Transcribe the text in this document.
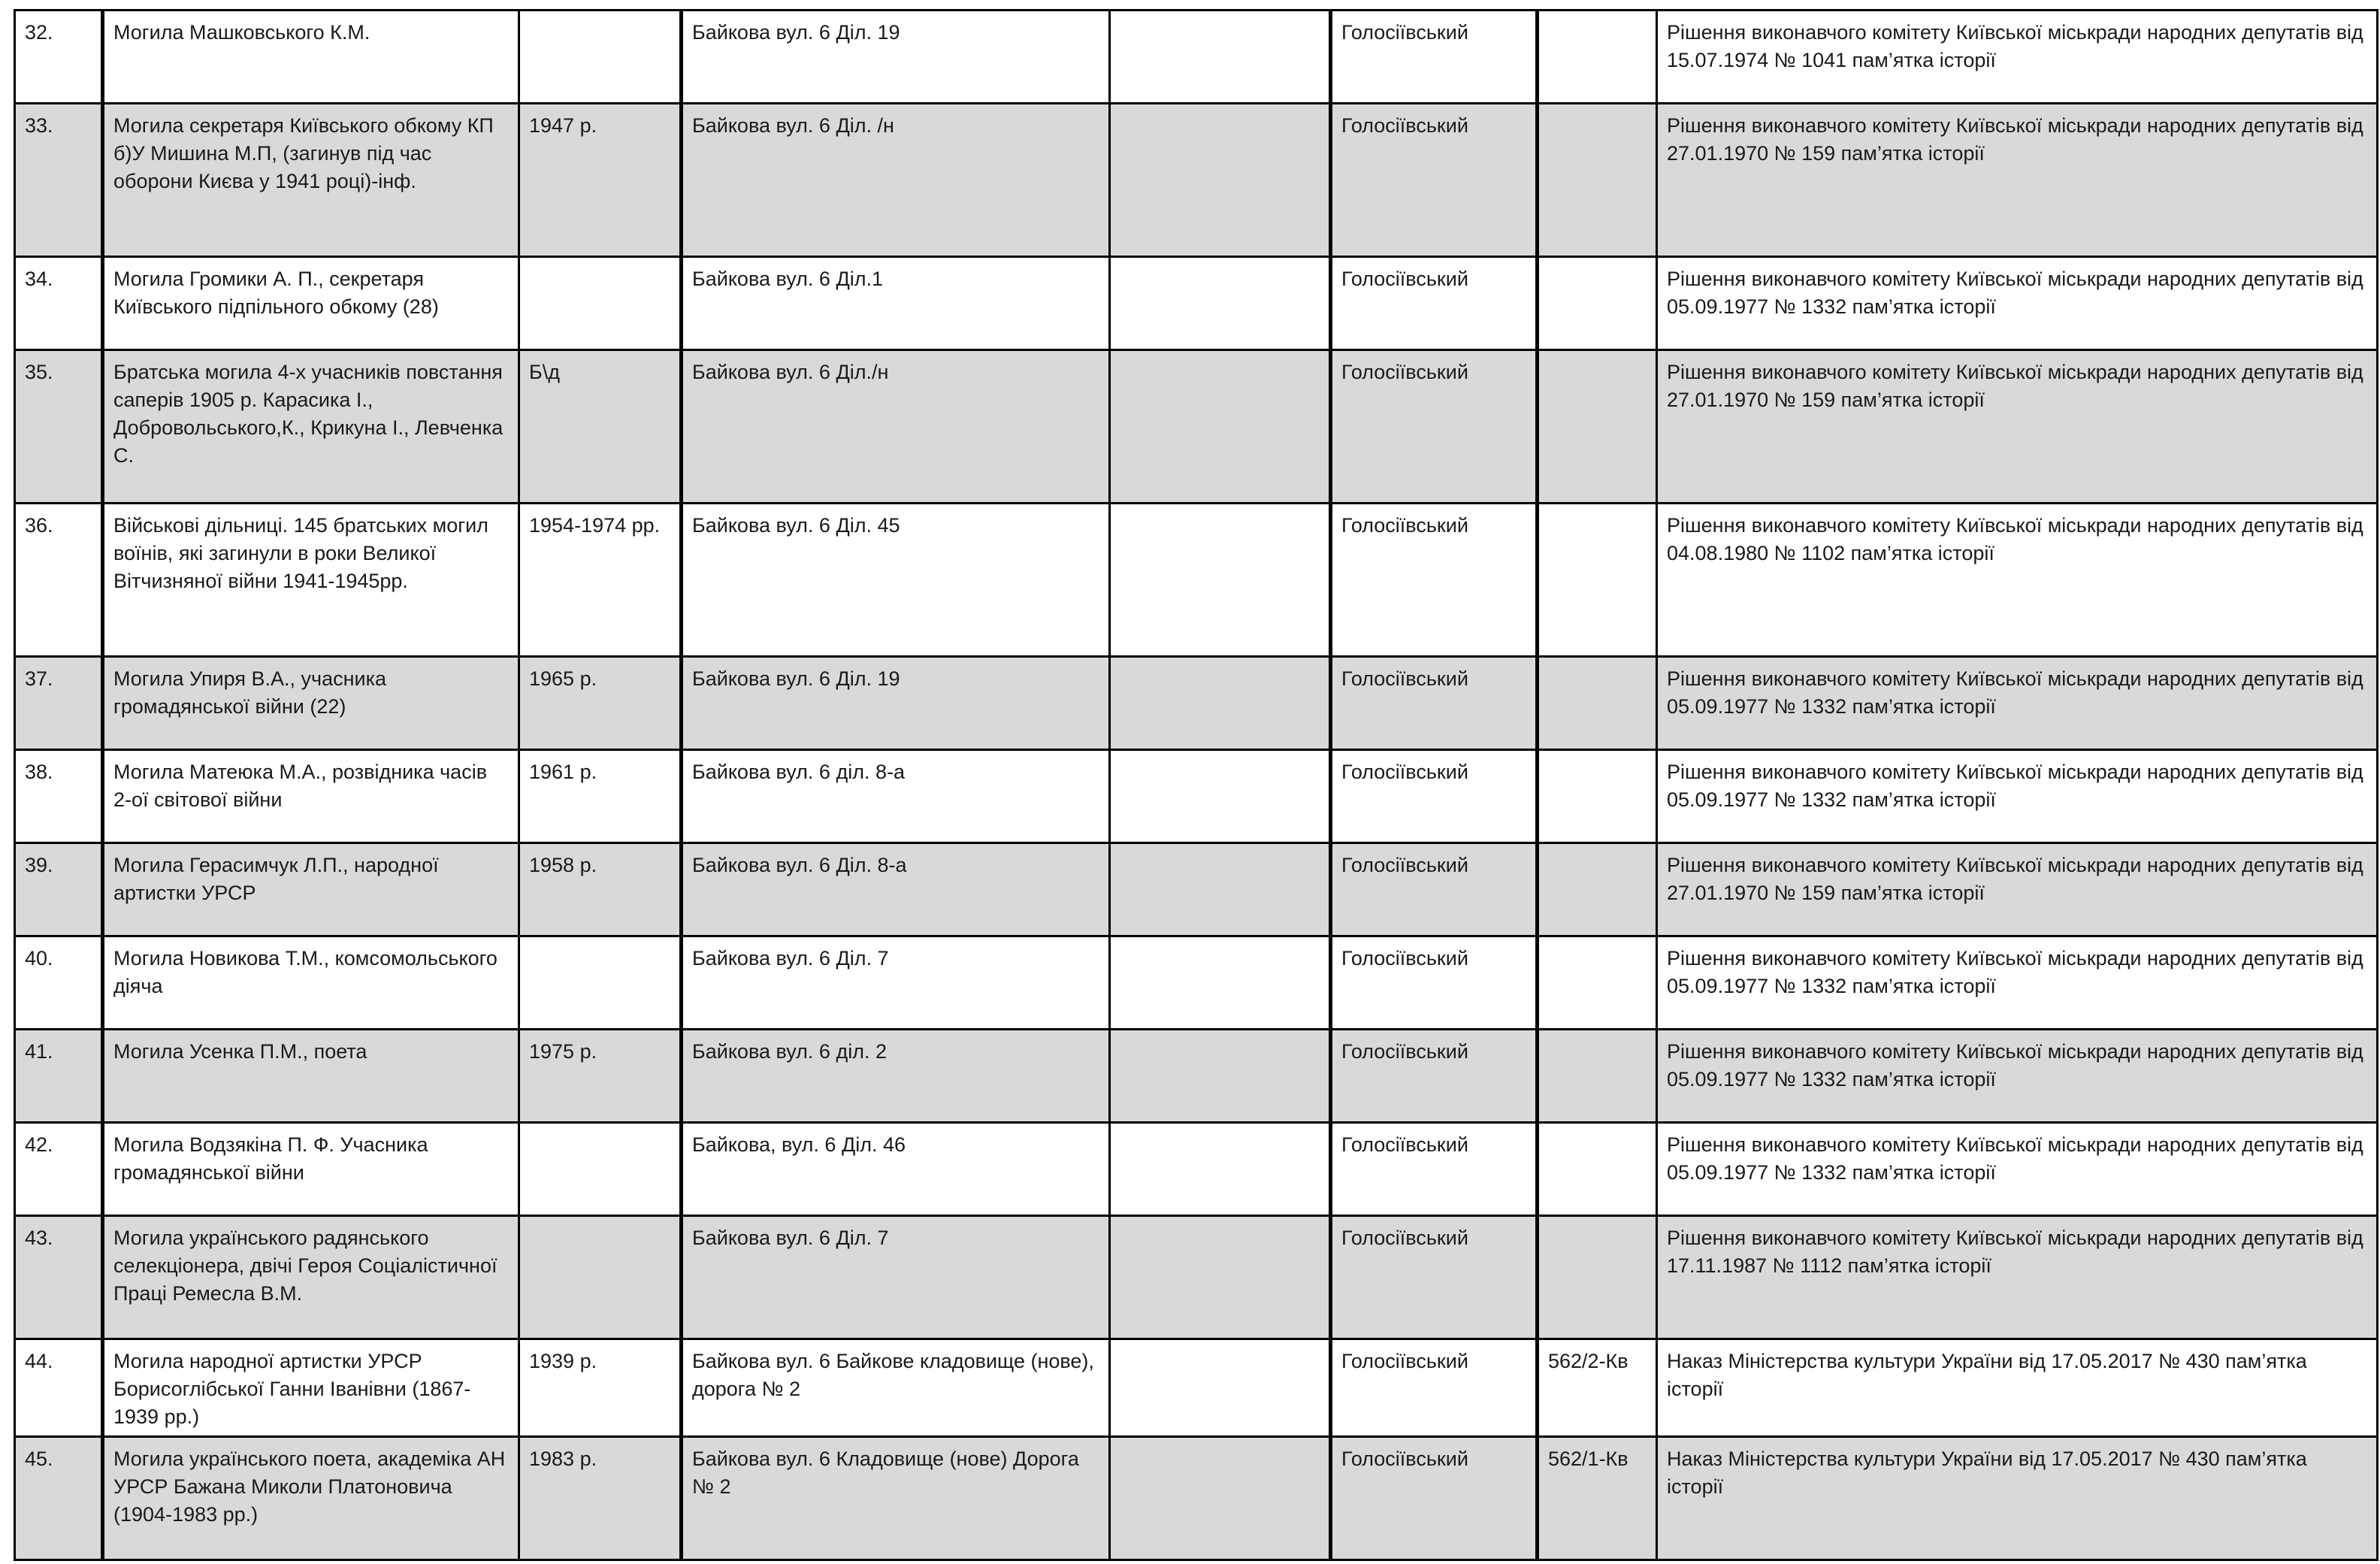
32.	Могила Машковського К.М.		Байкова вул. 6 Діл. 19		Голосіївський		Рішення виконавчого комітету Київської міськради народних депутатів від 15.07.1974 № 1041 пам’ятка історії
33.	Могила секретаря Київського обкому КП б)У Мишина М.П, (загинув під час оборони Києва у 1941 році)-інф.	1947 р.	Байкова вул. 6 Діл. /н		Голосіївський		Рішення виконавчого комітету Київської міськради народних депутатів від 27.01.1970 № 159 пам’ятка історії
34.	Могила Громики А. П., секретаря Київського підпільного обкому (28)		Байкова вул. 6 Діл.1		Голосіївський		Рішення виконавчого комітету Київської міськради народних депутатів від 05.09.1977 № 1332 пам’ятка історії
35.	Братська могила 4-х учасників повстання саперів 1905 р. Карасика І., Добровольського,К., Крикуна І., Левченка С.	Б\д	Байкова вул. 6 Діл./н		Голосіївський		Рішення виконавчого комітету Київської міськради народних депутатів від 27.01.1970 № 159 пам’ятка історії
36.	Військові дільниці. 145 братських могил воїнів, які загинули в роки Великої Вітчизняної війни 1941-1945рр.	1954-1974 рр.	Байкова вул. 6 Діл. 45		Голосіївський		Рішення виконавчого комітету Київської міськради народних депутатів від 04.08.1980 № 1102 пам’ятка історії
37.	Могила Упиря В.А., учасника громадянської війни (22)	1965 р.	Байкова вул. 6 Діл. 19		Голосіївський		Рішення виконавчого комітету Київської міськради народних депутатів від 05.09.1977 № 1332 пам’ятка історії
38.	Могила Матеюка М.А., розвідника часів 2-ої світової війни	1961 р.	Байкова вул. 6 діл. 8-а		Голосіївський		Рішення виконавчого комітету Київської міськради народних депутатів від 05.09.1977 № 1332 пам’ятка історії
39.	Могила Герасимчук Л.П., народної артистки УРСР	1958 р.	Байкова вул. 6 Діл. 8-а		Голосіївський		Рішення виконавчого комітету Київської міськради народних депутатів від 27.01.1970 № 159 пам’ятка історії
40.	Могила Новикова Т.М., комсомольського діяча		Байкова вул. 6 Діл. 7		Голосіївський		Рішення виконавчого комітету Київської міськради народних депутатів від 05.09.1977 № 1332 пам’ятка історії
41.	Могила Усенка П.М., поета	1975 р.	Байкова вул. 6 діл. 2		Голосіївський		Рішення виконавчого комітету Київської міськради народних депутатів від 05.09.1977 № 1332 пам’ятка історії
42.	Могила Водзякіна П. Ф. Учасника громадянської війни		Байкова, вул. 6 Діл. 46		Голосіївський		Рішення виконавчого комітету Київської міськради народних депутатів від 05.09.1977 № 1332 пам’ятка історії
43.	Могила українського радянського селекціонера, двічі Героя Соціалістичної Праці Ремесла В.М.		Байкова вул. 6 Діл. 7		Голосіївський		Рішення виконавчого комітету Київської міськради народних депутатів від 17.11.1987 № 1112 пам’ятка історії
44.	Могила народної артистки УРСР Борисоглібської Ганни Іванівни (1867-1939 рр.)	1939 р.	Байкова вул. 6 Байкове кладовище (нове), дорога № 2		Голосіївський	562/2-Кв	Наказ Міністерства культури України від 17.05.2017 № 430 пам’ятка історії
45.	Могила українського поета, академіка АН УРСР Бажана Миколи Платоновича (1904-1983 рр.)	1983 р.	Байкова вул. 6 Кладовище (нове) Дорога № 2		Голосіївський	562/1-Кв	Наказ Міністерства культури України від 17.05.2017 № 430 пам’ятка історії
